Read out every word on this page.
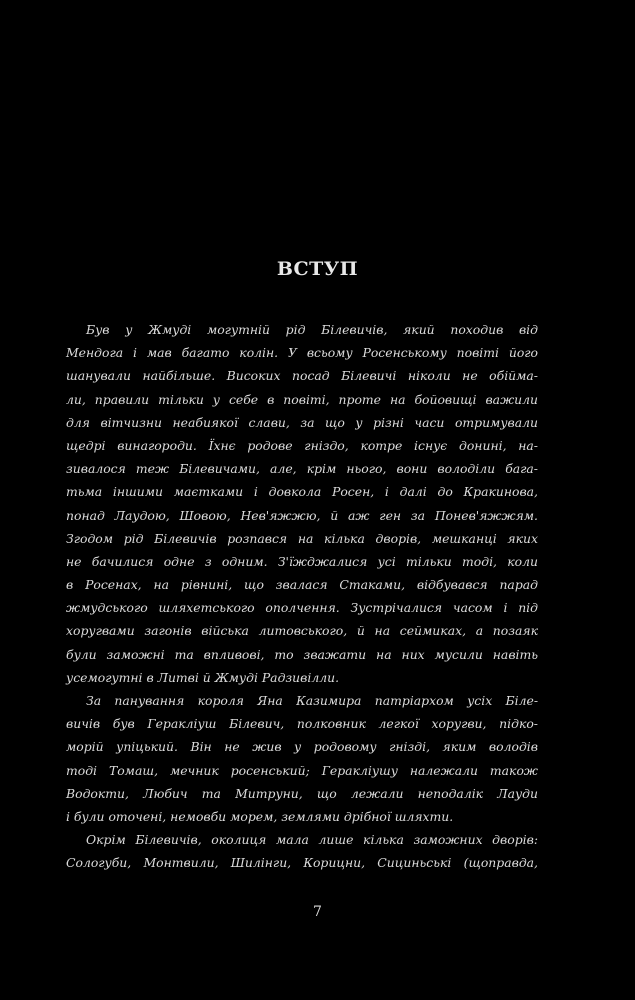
ВСТУП
Був у Жмуді могутній рід Білевичів, який походив від
Мендога і мав багато колін. У всьому Росенському повіті його
шанували найбільше. Високих посад Білевичі ніколи не обійма-
ли, правили тільки у себе в повіті, проте на бойовищі важили
для вітчизни неабиякої слави, за що у різні часи отримували
щедрі винагороди. Їхнє родове гніздо, котре існує донині, на-
зивалося теж Білевичами, але, крім нього, вони володіли бага-
тьма іншими маєтками і довкола Росен, і далі до Кракинова,
понад Лаудою, Шовою, Нев'яжжю, й аж ген за Понев'яжжям.
Згодом рід Білевичів розпався на кілька дворів, мешканці яких
не бачилися одне з одним. З'їжджалися усі тільки тоді, коли
в Росенах, на рівнині, що звалася Стаками, відбувався парад
жмудського шляхетського ополчення. Зустрічалися часом і під
хоругвами загонів війська литовського, й на сеймиках, а позаяк
були заможні та впливові, то зважати на них мусили навіть
усемогутні в Литві й Жмуді Радзивілли.
За панування короля Яна Казимира патріархом усіх Біле-
вичів був Геракліуш Білевич, полковник легкої хоругви, підко-
морій упіцький. Він не жив у родовому гнізді, яким володів
тоді Томаш, мечник росенський; Геракліушу належали також
Водокти, Любич та Митруни, що лежали неподалік Лауди
і були оточені, немовби морем, землями дрібної шляхти.
Окрім Білевичів, околиця мала лише кілька заможних дворів:
Сологуби, Монтвили, Шилінги, Корицни, Сициньські (щоправда,
7
